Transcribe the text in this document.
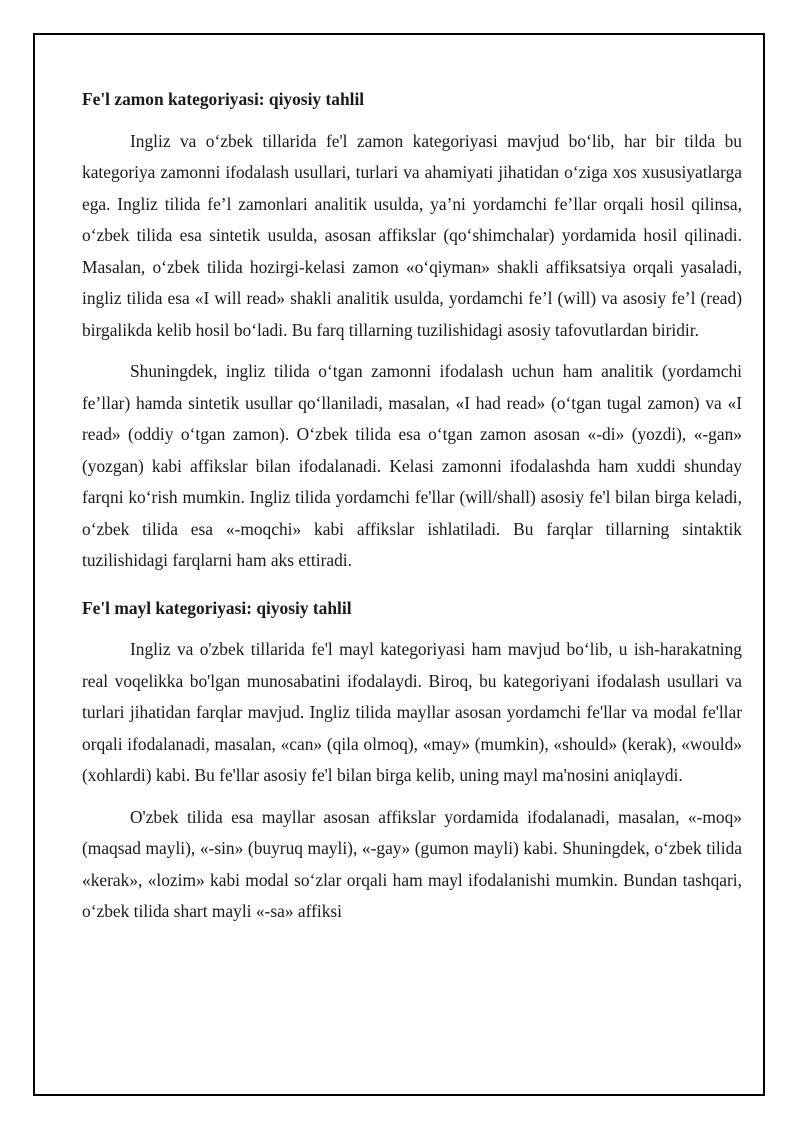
Fe'l zamon kategoriyasi: qiyosiy tahlil

Ingliz va o‘zbek tillarida fe'l zamon kategoriyasi mavjud bo‘lib, har bir tilda bu kategoriya zamonni ifodalash usullari, turlari va ahamiyati jihatidan o‘ziga xos xususiyatlarga ega. Ingliz tilida fe’l zamonlari analitik usulda, ya’ni yordamchi fe’llar orqali hosil qilinsa, o‘zbek tilida esa sintetik usulda, asosan affikslar (qo‘shimchalar) yordamida hosil qilinadi. Masalan, o‘zbek tilida hozirgi-kelasi zamon «o‘qiyman» shakli affiksatsiya orqali yasaladi, ingliz tilida esa «I will read» shakli analitik usulda, yordamchi fe’l (will) va asosiy fe’l (read) birgalikda kelib hosil bo‘ladi. Bu farq tillarning tuzilishidagi asosiy tafovutlardan biridir.

Shuningdek, ingliz tilida o‘tgan zamonni ifodalash uchun ham analitik (yordamchi fe’llar) hamda sintetik usullar qo‘llaniladi, masalan, «I had read» (o‘tgan tugal zamon) va «I read» (oddiy o‘tgan zamon). O‘zbek tilida esa o‘tgan zamon asosan «-di» (yozdi), «-gan» (yozgan) kabi affikslar bilan ifodalanadi. Kelasi zamonni ifodalashda ham xuddi shunday farqni ko‘rish mumkin. Ingliz tilida yordamchi fe'llar (will/shall) asosiy fe'l bilan birga keladi, o‘zbek tilida esa «-moqchi» kabi affikslar ishlatiladi. Bu farqlar tillarning sintaktik tuzilishidagi farqlarni ham aks ettiradi.

Fe'l mayl kategoriyasi: qiyosiy tahlil

Ingliz va o'zbek tillarida fe'l mayl kategoriyasi ham mavjud bo‘lib, u ish-harakatning real voqelikka bo'lgan munosabatini ifodalaydi. Biroq, bu kategoriyani ifodalash usullari va turlari jihatidan farqlar mavjud. Ingliz tilida mayllar asosan yordamchi fe'llar va modal fe'llar orqali ifodalanadi, masalan, «can» (qila olmoq), «may» (mumkin), «should» (kerak), «would» (xohlardi) kabi. Bu fe'llar asosiy fe'l bilan birga kelib, uning mayl ma'nosini aniqlaydi.

O'zbek tilida esa mayllar asosan affikslar yordamida ifodalanadi, masalan, «-moq» (maqsad mayli), «-sin» (buyruq mayli), «-gay» (gumon mayli) kabi. Shuningdek, o‘zbek tilida «kerak», «lozim» kabi modal so‘zlar orqali ham mayl ifodalanishi mumkin. Bundan tashqari, o‘zbek tilida shart mayli «-sa» affiksi
